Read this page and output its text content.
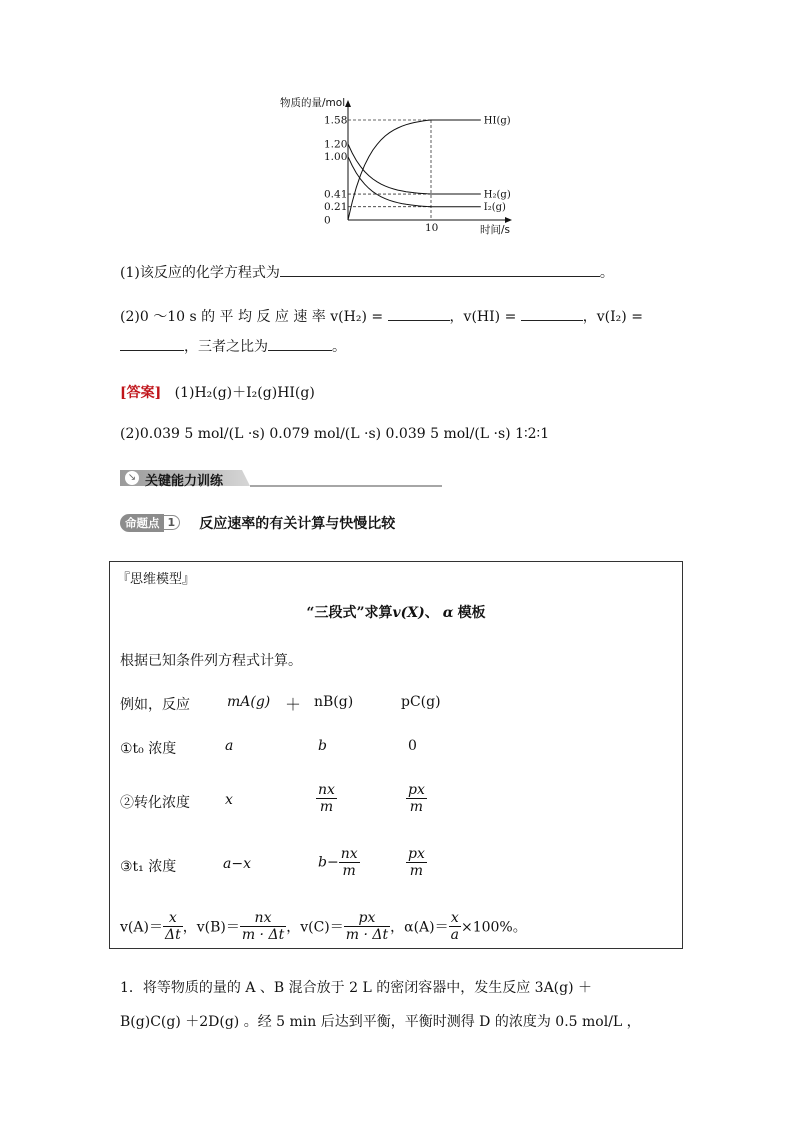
物质的量/mol
时间/s
0
0.21
0.41
1.00
1.20
1.58
10
HI(g)
H₂(g)
I₂(g)
(1)该反应的化学方程式为	。
(2)0 ～10 s 的 平 均 反 应 速 率 v(H₂) =	，v(HI) =	，v(I₂) =
，三者之比为	。
[答案] (1)H₂(g)＋I₂(g)HI(g)
(2)0.039 5 mol/(L ·s) 0.079 mol/(L ·s) 0.039 5 mol/(L ·s) 1∶2∶1
↘ 关键能力训练
命题点 1 反应速率的有关计算与快慢比较
『思维模型』
“三段式”求算v(X)、 α 模板
根据已知条件列方程式计算。
例如，反应	mA(g) ＋ nB(g)	pC(g)
①t₀ 浓度	a	b	0
②转化浓度	x	$\frac{nx}{m}$	$\frac{px}{m}$
③t₁ 浓度	a−x	$b- \frac{nx}{m}$	$\frac{px}{m}$
$v(A)= \frac{x}{\Delta t}$ ，$v(B)= \frac{nx}{m \cdot \Delta t}$ ，$v(C)= \frac{px}{m \cdot \Delta t}$ ，$\alpha(A)= \frac{x}{a} \times 100\%$。
1．将等物质的量的 A 、B 混合放于 2 L 的密闭容器中，发生反应 3A(g) ＋
B(g)C(g) ＋2D(g) 。经 5 min 后达到平衡，平衡时测得 D 的浓度为 0.5 mol/L ，
